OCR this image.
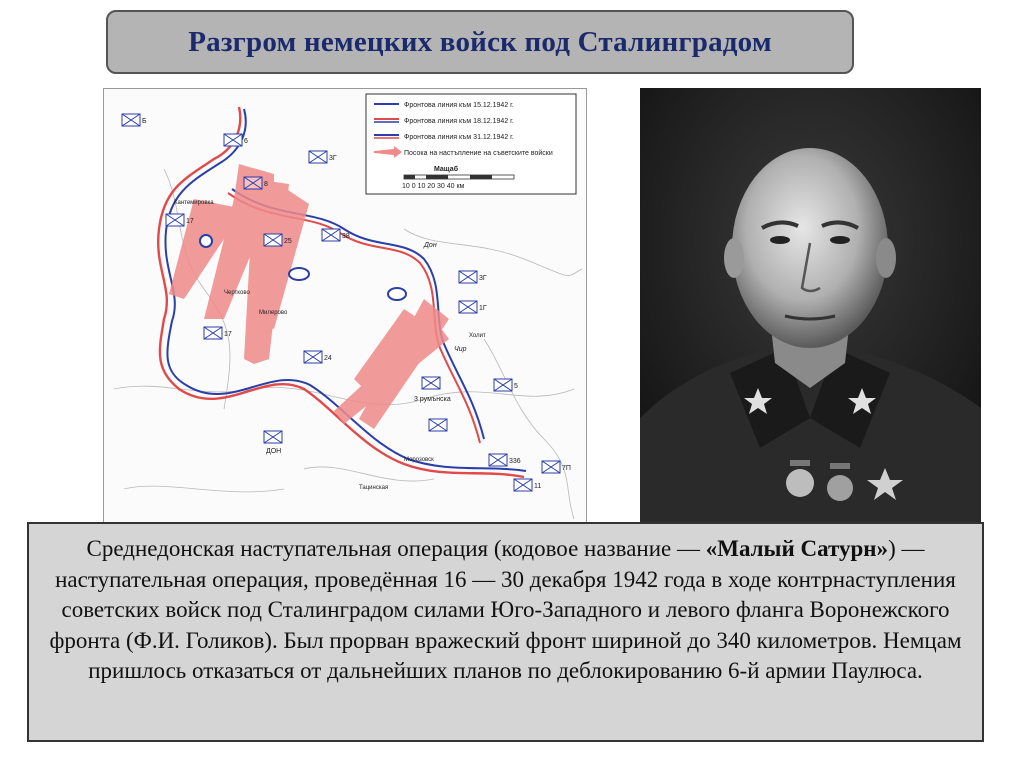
Разгром немецких войск под Сталинградом
Фронтова линия към 15.12.1942 г.
Фронтова линия към 18.12.1942 г.
Фронтова линия към 31.12.1942 г.
Посока на настъпление на съветските войски
Мащаб
10 0 10 20 30 40 км
Б
6
3Г
8
38
25
17
17
3Г
1Г
24
5
3 румънска
ДОН
336
7П
11
Дон
Чир
Кантемировка
Чертково
Морозовск
Тацинская
Милерово
Холит
Среднедонская наступательная операция (кодовое название — «Малый Сатурн») — наступательная операция, проведённая 16 — 30 декабря 1942 года в ходе контрнаступления советских войск под Сталинградом силами Юго-Западного и левого фланга Воронежского фронта (Ф.И. Голиков). Был прорван вражеский фронт шириной до 340 километров. Немцам пришлось отказаться от дальнейших планов по деблокированию 6-й армии Паулюса.
